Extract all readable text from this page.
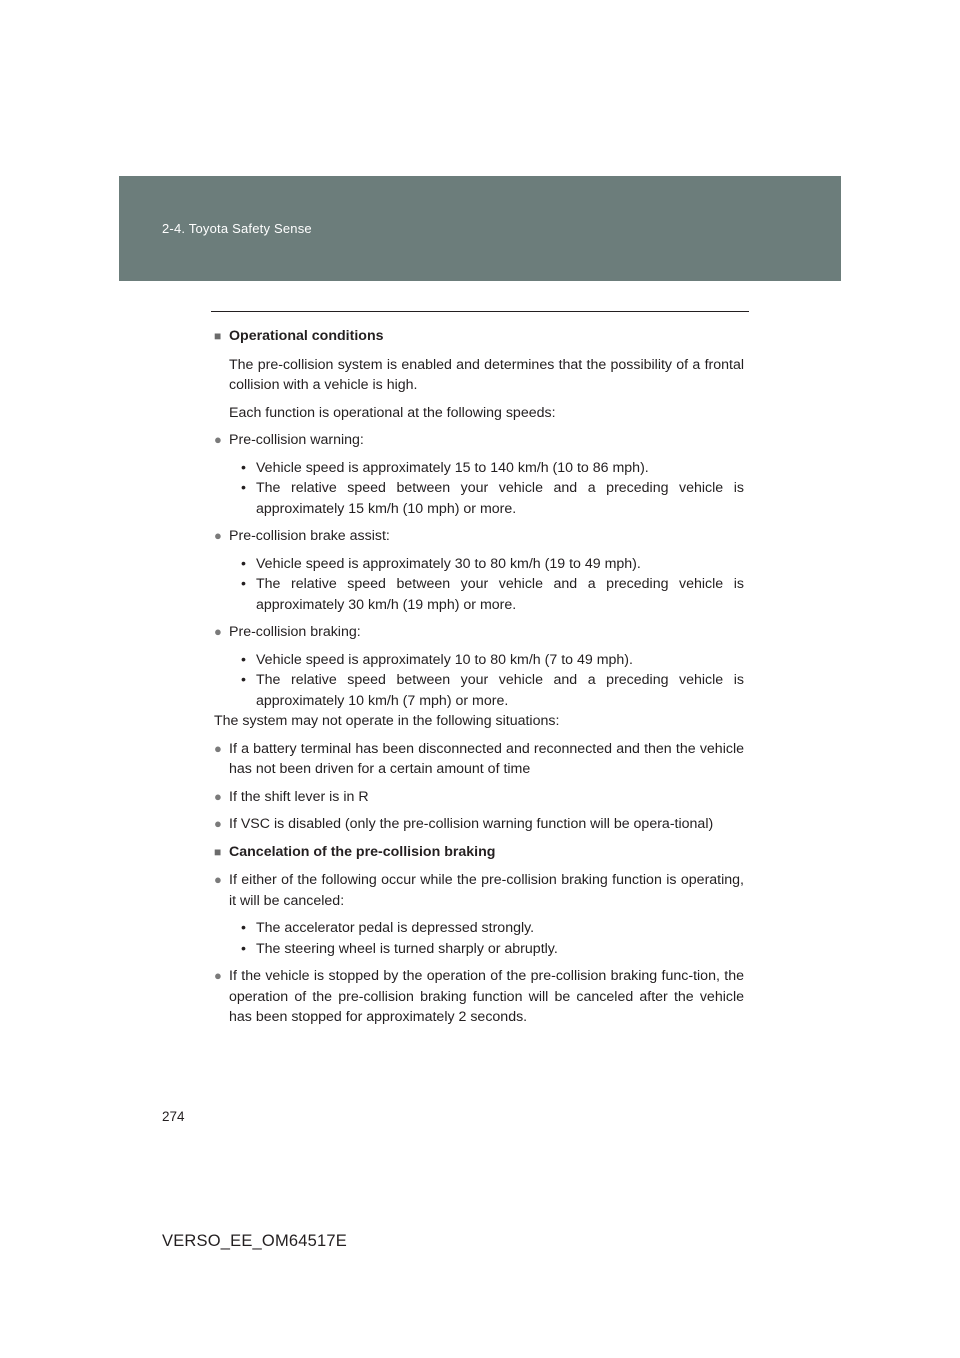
2-4. Toyota Safety Sense
■ Operational conditions
The pre-collision system is enabled and determines that the possibility of a frontal collision with a vehicle is high.
Each function is operational at the following speeds:
● Pre-collision warning:
• Vehicle speed is approximately 15 to 140 km/h (10 to 86 mph).
• The relative speed between your vehicle and a preceding vehicle is approximately 15 km/h (10 mph) or more.
● Pre-collision brake assist:
• Vehicle speed is approximately 30 to 80 km/h (19 to 49 mph).
• The relative speed between your vehicle and a preceding vehicle is approximately 30 km/h (19 mph) or more.
● Pre-collision braking:
• Vehicle speed is approximately 10 to 80 km/h (7 to 49 mph).
• The relative speed between your vehicle and a preceding vehicle is approximately 10 km/h (7 mph) or more.
The system may not operate in the following situations:
● If a battery terminal has been disconnected and reconnected and then the vehicle has not been driven for a certain amount of time
● If the shift lever is in R
● If VSC is disabled (only the pre-collision warning function will be opera-tional)
■ Cancelation of the pre-collision braking
● If either of the following occur while the pre-collision braking function is operating, it will be canceled:
• The accelerator pedal is depressed strongly.
• The steering wheel is turned sharply or abruptly.
● If the vehicle is stopped by the operation of the pre-collision braking func-tion, the operation of the pre-collision braking function will be canceled after the vehicle has been stopped for approximately 2 seconds.
274
VERSO_EE_OM64517E
